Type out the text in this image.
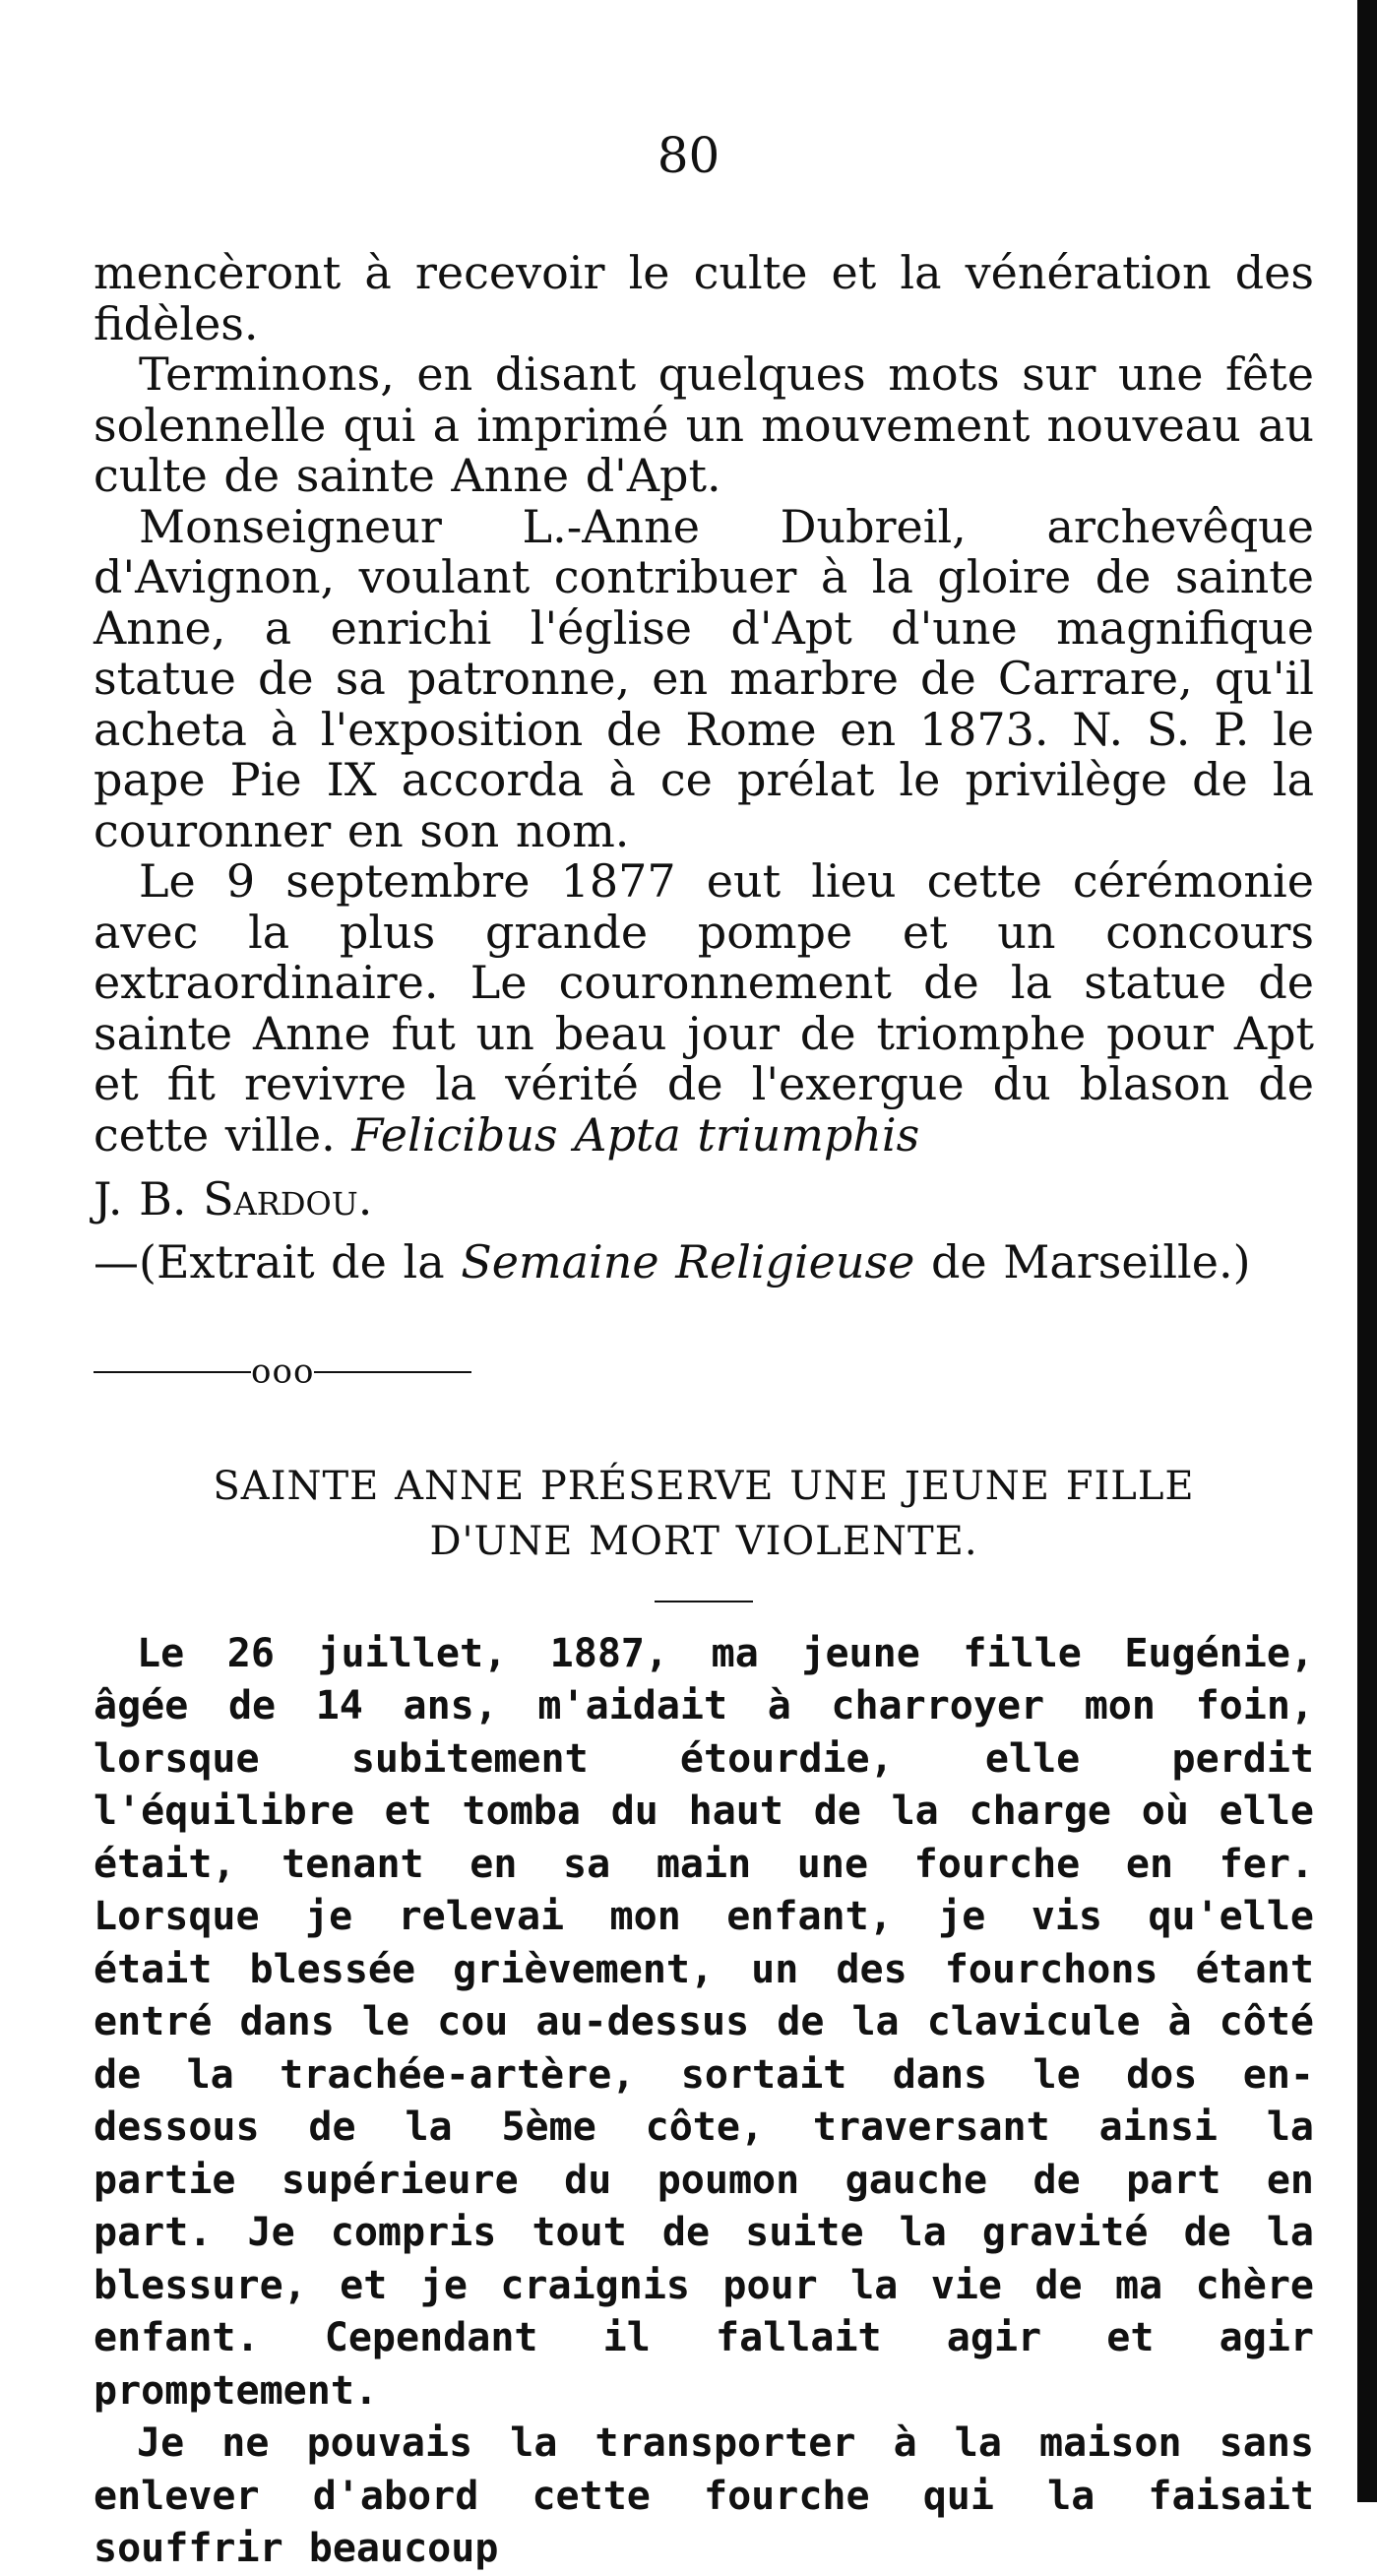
80

mencèront à recevoir le culte et la vénération des fidèles.

Terminons, en disant quelques mots sur une fête solennelle qui a imprimé un mouvement nouveau au culte de sainte Anne d'Apt.

Monseigneur L.-Anne Dubreil, archevêque d'Avignon, voulant contribuer à la gloire de sainte Anne, a enrichi l'église d'Apt d'une magnifique statue de sa patronne, en marbre de Carrare, qu'il acheta à l'exposition de Rome en 1873. N. S. P. le pape Pie IX accorda à ce prélat le privilège de la couronner en son nom.

Le 9 septembre 1877 eut lieu cette cérémonie avec la plus grande pompe et un concours extraordinaire. Le couronnement de la statue de sainte Anne fut un beau jour de triomphe pour Apt et fit revivre la vérité de l'exergue du blason de cette ville. Felicibus Apta triumphis

J. B. Sardou.

—(Extrait de la Semaine Religieuse de Marseille.)

ooo

SAINTE ANNE PRÉSERVE UNE JEUNE FILLE

D'UNE MORT VIOLENTE.

Le 26 juillet, 1887, ma jeune fille Eugénie, âgée de 14 ans, m'aidait à charroyer mon foin, lorsque subitement étourdie, elle perdit l'équilibre et tomba du haut de la charge où elle était, tenant en sa main une fourche en fer. Lorsque je relevai mon enfant, je vis qu'elle était blessée grièvement, un des fourchons étant entré dans le cou au-dessus de la clavicule à côté de la trachée-artère, sortait dans le dos en-dessous de la 5ème côte, traversant ainsi la partie supérieure du poumon gauche de part en part. Je compris tout de suite la gravité de la blessure, et je craignis pour la vie de ma chère enfant. Cependant il fallait agir et agir promptement.

Je ne pouvais la transporter à la maison sans enlever d'abord cette fourche qui la faisait souffrir beaucoup
